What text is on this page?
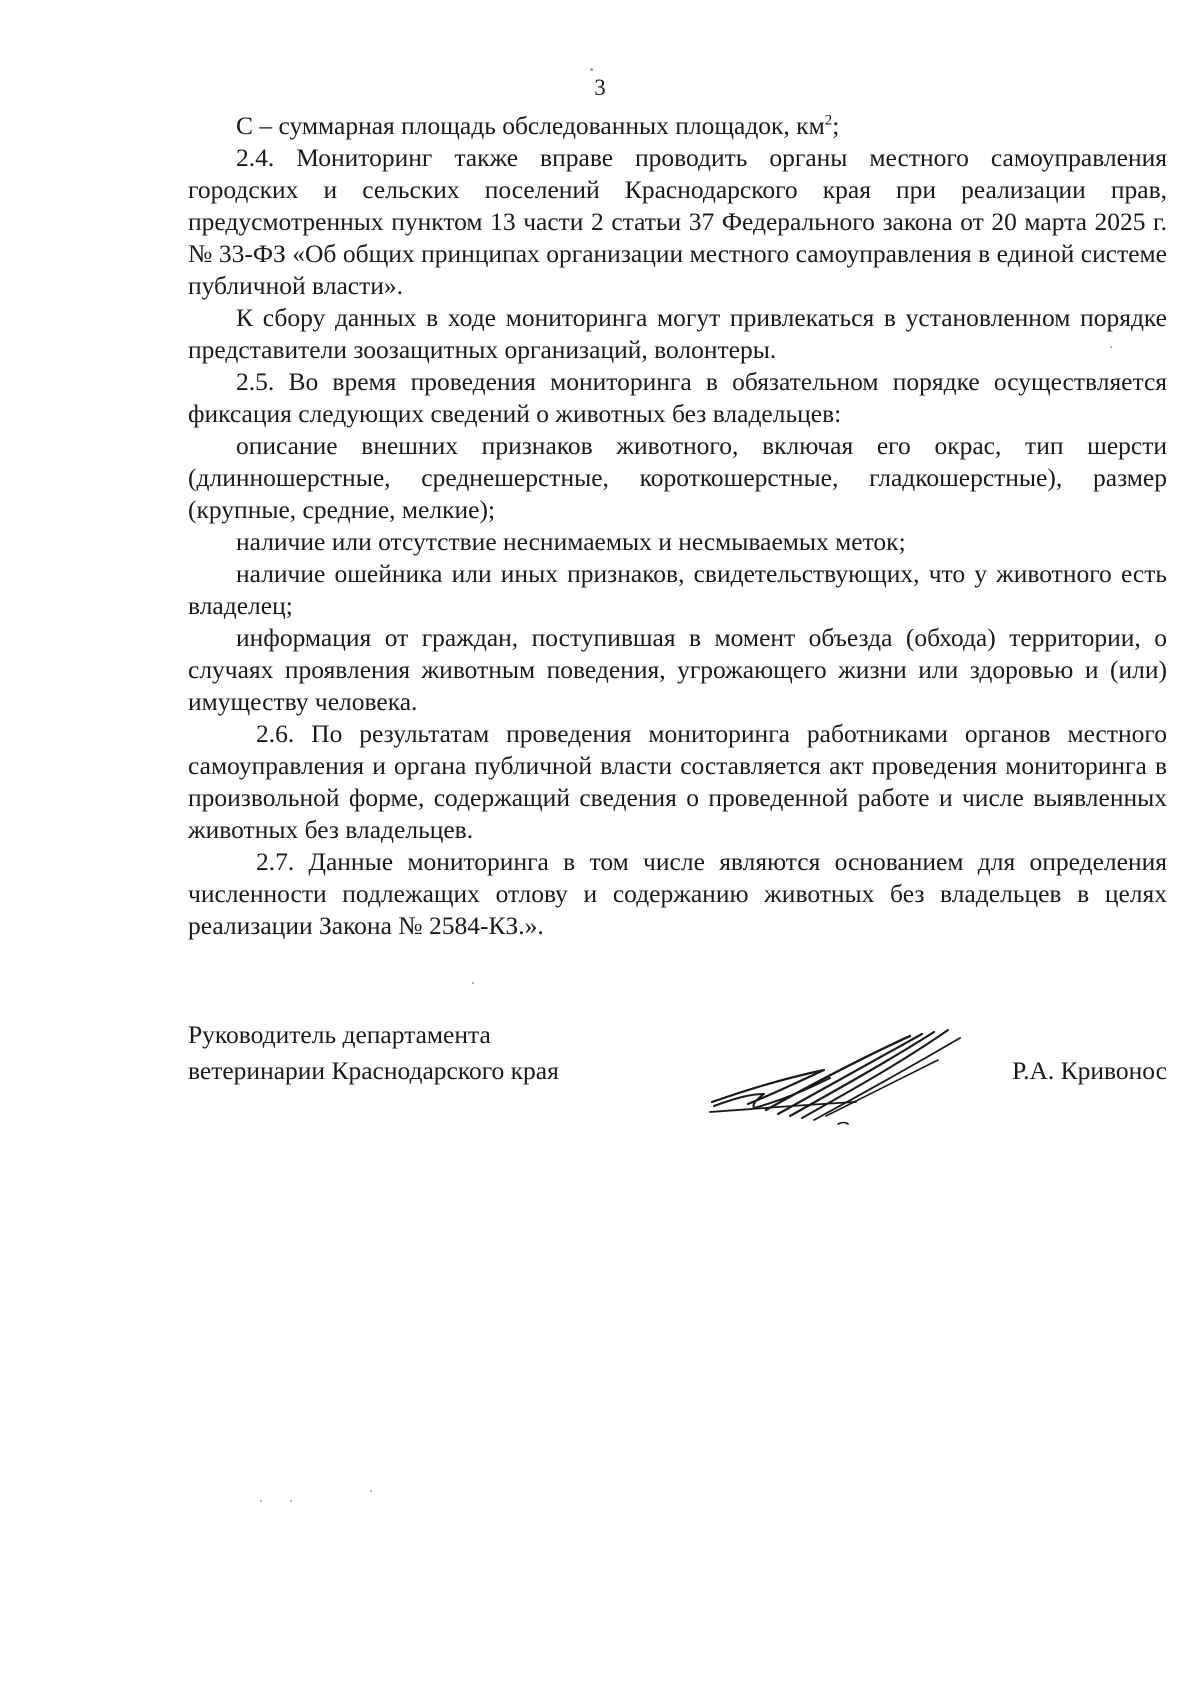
3

С – суммарная площадь обследованных площадок, $км^2$;

2.4. Мониторинг также вправе проводить органы местного самоуправления городских и сельских поселений Краснодарского края при реализации прав, предусмотренных пунктом 13 части 2 статьи 37 Федерального закона от 20 марта 2025 г. № 33-ФЗ «Об общих принципах организации местного самоуправления в единой системе публичной власти».

К сбору данных в ходе мониторинга могут привлекаться в установленном порядке представители зоозащитных организаций, волонтеры.

2.5. Во время проведения мониторинга в обязательном порядке осуществляется фиксация следующих сведений о животных без владельцев:

описание внешних признаков животного, включая его окрас, тип шерсти (длинношерстные, среднешерстные, короткошерстные, гладкошерстные), размер (крупные, средние, мелкие);

наличие или отсутствие неснимаемых и несмываемых меток;

наличие ошейника или иных признаков, свидетельствующих, что у животного есть владелец;

информация от граждан, поступившая в момент объезда (обхода) территории, о случаях проявления животным поведения, угрожающего жизни или здоровью и (или) имуществу человека.

2.6. По результатам проведения мониторинга работниками органов местного самоуправления и органа публичной власти составляется акт проведения мониторинга в произвольной форме, содержащий сведения о проведенной работе и числе выявленных животных без владельцев.

2.7. Данные мониторинга в том числе являются основанием для определения численности подлежащих отлову и содержанию животных без владельцев в целях реализации Закона № 2584-КЗ.».

Руководитель департамента
ветеринарии Краснодарского края	Р.А. Кривонос
